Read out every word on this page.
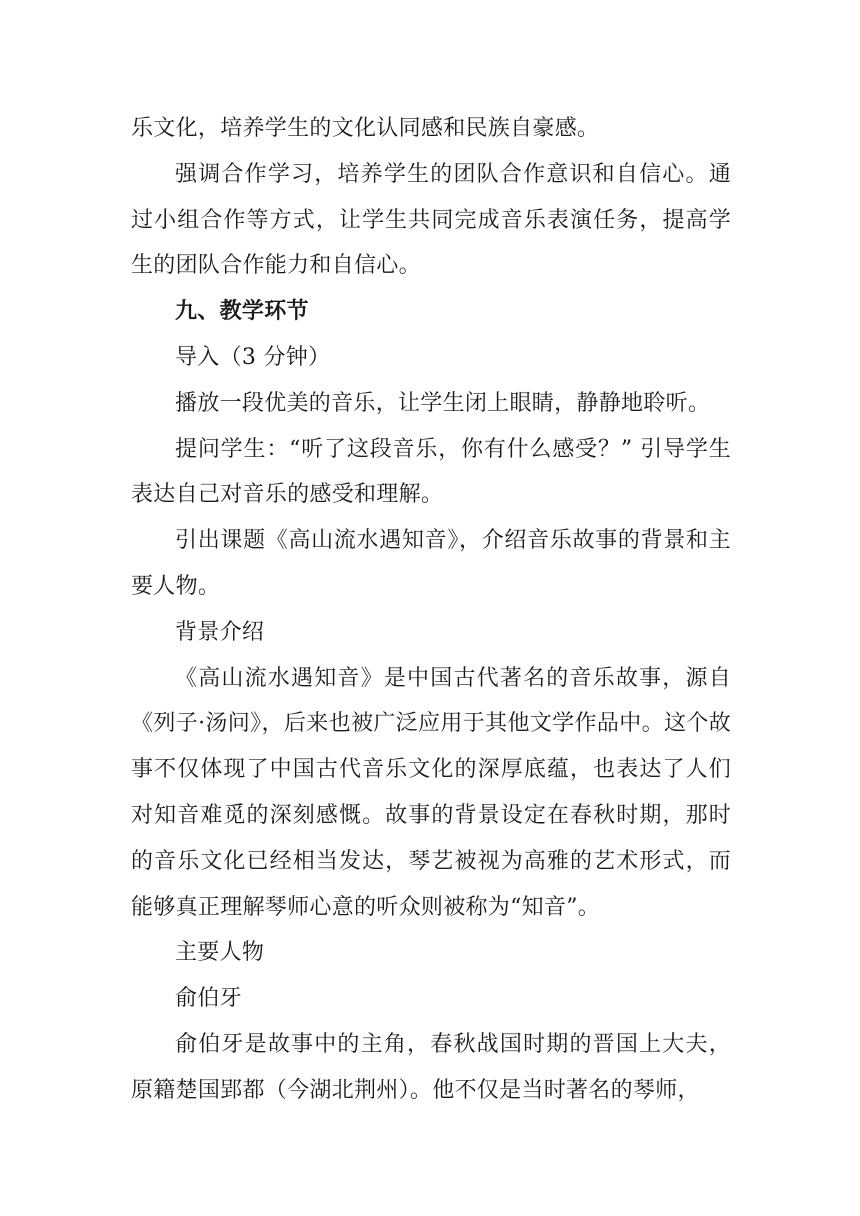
乐文化，培养学生的文化认同感和民族自豪感。

强调合作学习，培养学生的团队合作意识和自信心。通过小组合作等方式，让学生共同完成音乐表演任务，提高学生的团队合作能力和自信心。

九、教学环节

导入（3 分钟）

播放一段优美的音乐，让学生闭上眼睛，静静地聆听。

提问学生：“听了这段音乐，你有什么感受？” 引导学生表达自己对音乐的感受和理解。

引出课题《高山流水遇知音》，介绍音乐故事的背景和主要人物。

背景介绍

《高山流水遇知音》是中国古代著名的音乐故事，源自《列子·汤问》，后来也被广泛应用于其他文学作品中。这个故事不仅体现了中国古代音乐文化的深厚底蕴，也表达了人们对知音难觅的深刻感慨。故事的背景设定在春秋时期，那时的音乐文化已经相当发达，琴艺被视为高雅的艺术形式，而能够真正理解琴师心意的听众则被称为“知音”。

主要人物

俞伯牙

俞伯牙是故事中的主角，春秋战国时期的晋国上大夫，原籍楚国郢都（今湖北荆州）。他不仅是当时著名的琴师，
